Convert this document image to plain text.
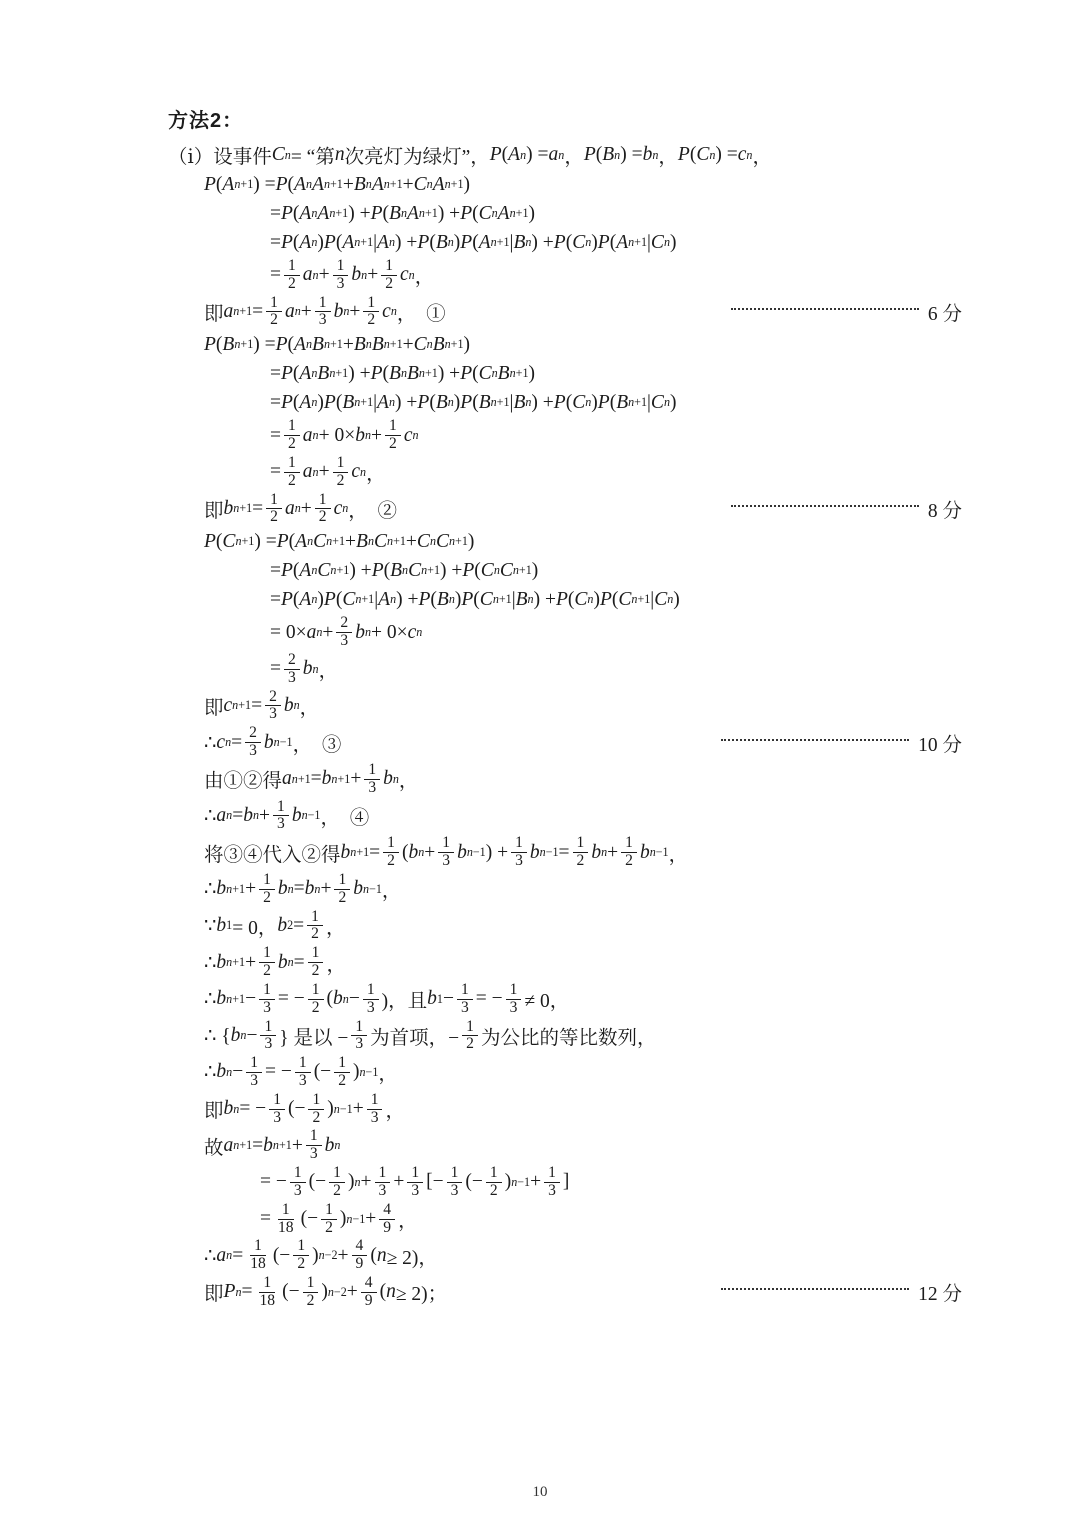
方法2：
（ⅰ）设事件 C n = “第 n 次亮灯为绿灯”， P ( A n ) = a n ， P ( B n ) = b n ， P ( C n ) = c n ，
P ( A n+1 ) = P ( A n A n+1 + B n A n+1 + C n A n+1 )
= P ( A n A n+1 ) + P ( B n A n+1 ) + P ( C n A n+1 )
= P ( A n ) P ( A n+1 | A n ) + P ( B n ) P ( A n+1 | B n ) + P ( C n ) P ( A n+1 | C n )
= $\frac{1}{2}$ a $n + \frac{1}{3}$ b $n + \frac{1}{2}$ c n ，
即 a $n+1 = \frac{1}{2}$ a $n + \frac{1}{3}$ b $n + \frac{1}{2}$ c n ，　①	6 分
P ( B n+1 ) = P ( A n B n+1 + B n B n+1 + C n B n+1 )
= P ( A n B n+1 ) + P ( B n B n+1 ) + P ( C n B n+1 )
= P ( A n ) P ( B n+1 | A n ) + P ( B n ) P ( B n+1 | B n ) + P ( C n ) P ( B n+1 | C n )
= $\frac{1}{2}$ a n + 0× b $n + \frac{1}{2}$ c n
= $\frac{1}{2}$ a $n + \frac{1}{2}$ c n ，
即 b $n+1 = \frac{1}{2}$ a $n + \frac{1}{2}$ c n ，　②	8 分
P ( C n+1 ) = P ( A n C n+1 + B n C n+1 + C n C n+1 )
= P ( A n C n+1 ) + P ( B n C n+1 ) + P ( C n C n+1 )
= P ( A n ) P ( C n+1 | A n ) + P ( B n ) P ( C n+1 | B n ) + P ( C n ) P ( C n+1 | C n )
= 0× a $n + \frac{2}{3}$ b n + 0× c n
= $\frac{2}{3}$ b n ，
即 c $n+1 = \frac{2}{3}$ b n ，
∴ c $n = \frac{2}{3}$ b n−1 ，　③	10 分
由①②得 a n+1 = b $n+1 + \frac{1}{3}$ b n ，
∴ a n = b $n + \frac{1}{3}$ b n−1 ，　④
将③④代入②得 b $n+1 = \frac{1}{2}$ ( b $n + \frac{1}{3}$ b n−1 ) + $\frac{1}{3}$ b $n-1 = \frac{1}{2}$ b $n + \frac{1}{2}$ b n−1 ，
∴ b $n+1 + \frac{1}{2}$ b n = b $n + \frac{1}{2}$ b n−1 ，
∵ b 1 = 0， b $2 = \frac{1}{2}$ ，
∴ b $n+1 + \frac{1}{2}$ b $n = \frac{1}{2}$ ，
∴ b $n+1 - \frac{1}{3}$ = − $\frac{1}{2}$ ( b $n - \frac{1}{3}$ )，且 b $1 - \frac{1}{3}$ = − $\frac{1}{3} \ne 0$，
∴ { b $n - \frac{1}{3}$ } 是以 − $\frac{1}{3}$ 为首项，− $\frac{1}{2}$ 为公比的等比数列，
∴ b $n - \frac{1}{3}$ = − $\frac{1}{3}$ (− $\frac{1}{2}$ ) n−1 ，
即 b n = − $\frac{1}{3}$ (− $\frac{1}{2}$ ) $n-1 + \frac{1}{3}$ ，
故 a n+1 = b $n+1 + \frac{1}{3}$ b n
= − $\frac{1}{3}$ (− $\frac{1}{2}$ ) $n + \frac{1}{3} + \frac{1}{3}$ [− $\frac{1}{3}$ (− $\frac{1}{2}$ ) $n-1 + \frac{1}{3}$ ]
= $\frac{1}{18}$ (− $\frac{1}{2}$ ) $n-1 + \frac{4}{9}$ ，
∴ a $n = \frac{1}{18}$ (− $\frac{1}{2}$ ) $n-2 + \frac{4}{9}$ ( n ≥ 2)，
即 P $n = \frac{1}{18}$ (− $\frac{1}{2}$ ) $n-2 + \frac{4}{9}$ ( n ≥ 2)；	12 分
10
